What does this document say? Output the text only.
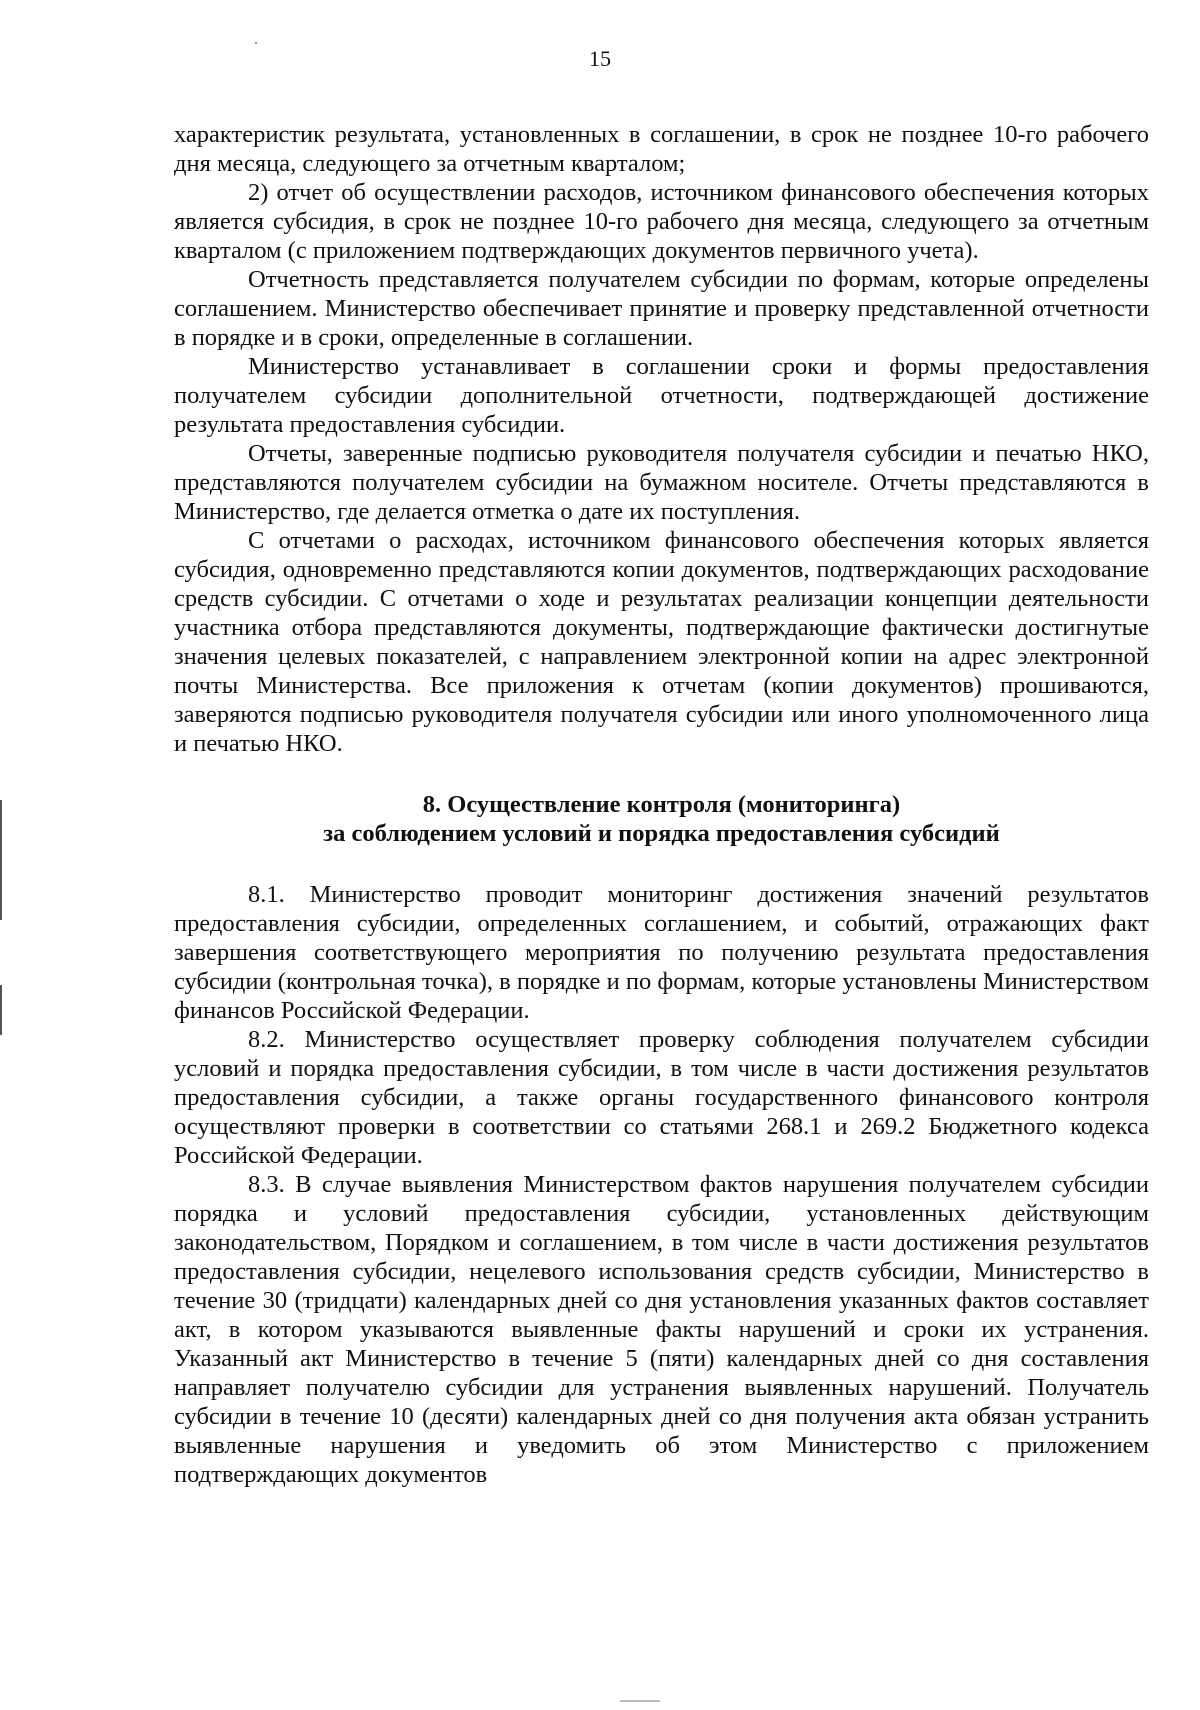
15

характеристик результата, установленных в соглашении, в срок не позднее 10-го рабочего дня месяца, следующего за отчетным кварталом;

2) отчет об осуществлении расходов, источником финансового обеспечения которых является субсидия, в срок не позднее 10-го рабочего дня месяца, следующего за отчетным кварталом (с приложением подтверждающих документов первичного учета).

Отчетность представляется получателем субсидии по формам, которые определены соглашением. Министерство обеспечивает принятие и проверку представленной отчетности в порядке и в сроки, определенные в соглашении.

Министерство устанавливает в соглашении сроки и формы предоставления получателем субсидии дополнительной отчетности, подтверждающей достижение результата предоставления субсидии.

Отчеты, заверенные подписью руководителя получателя субсидии и печатью НКО, представляются получателем субсидии на бумажном носителе. Отчеты представляются в Министерство, где делается отметка о дате их поступления.

С отчетами о расходах, источником финансового обеспечения которых является субсидия, одновременно представляются копии документов, подтверждающих расходование средств субсидии. С отчетами о ходе и результатах реализации концепции деятельности участника отбора представляются документы, подтверждающие фактически достигнутые значения целевых показателей, с направлением электронной копии на адрес электронной почты Министерства. Все приложения к отчетам (копии документов) прошиваются, заверяются подписью руководителя получателя субсидии или иного уполномоченного лица и печатью НКО.

8. Осуществление контроля (мониторинга)
за соблюдением условий и порядка предоставления субсидий

8.1. Министерство проводит мониторинг достижения значений результатов предоставления субсидии, определенных соглашением, и событий, отражающих факт завершения соответствующего мероприятия по получению результата предоставления субсидии (контрольная точка), в порядке и по формам, которые установлены Министерством финансов Российской Федерации.

8.2. Министерство осуществляет проверку соблюдения получателем субсидии условий и порядка предоставления субсидии, в том числе в части достижения результатов предоставления субсидии, а также органы государственного финансового контроля осуществляют проверки в соответствии со статьями 268.1 и 269.2 Бюджетного кодекса Российской Федерации.

8.3. В случае выявления Министерством фактов нарушения получателем субсидии порядка и условий предоставления субсидии, установленных действующим законодательством, Порядком и соглашением, в том числе в части достижения результатов предоставления субсидии, нецелевого использования средств субсидии, Министерство в течение 30 (тридцати) календарных дней со дня установления указанных фактов составляет акт, в котором указываются выявленные факты нарушений и сроки их устранения. Указанный акт Министерство в течение 5 (пяти) календарных дней со дня составления направляет получателю субсидии для устранения выявленных нарушений. Получатель субсидии в течение 10 (десяти) календарных дней со дня получения акта обязан устранить выявленные нарушения и уведомить об этом Министерство с приложением подтверждающих документов
